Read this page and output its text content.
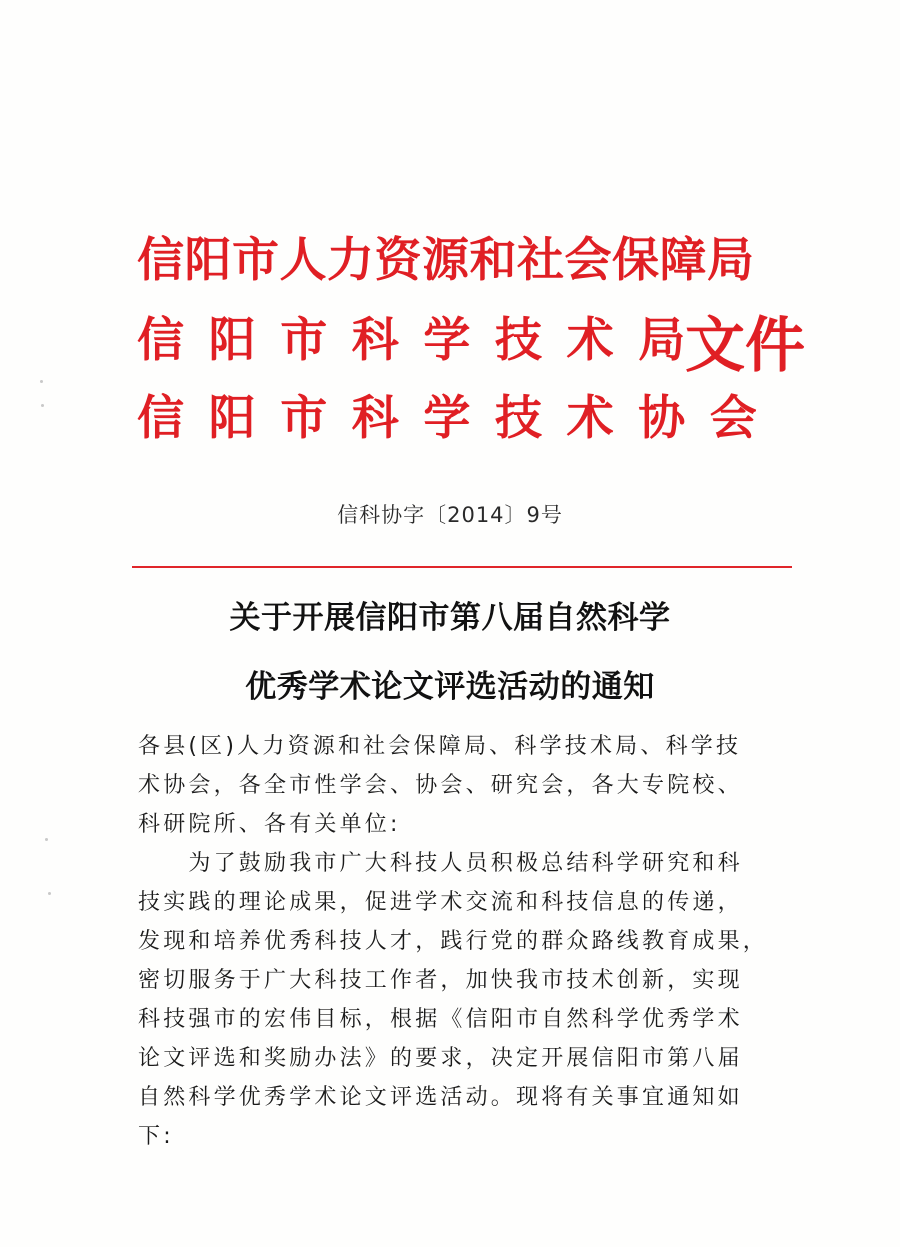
信阳市人力资源和社会保障局
信阳市科学技术局
信阳市科学技术协会
文件
信科协字〔2014〕9号
关于开展信阳市第八届自然科学
优秀学术论文评选活动的通知
各县(区)人力资源和社会保障局、科学技术局、科学技
术协会，各全市性学会、协会、研究会，各大专院校、
科研院所、各有关单位:
　　为了鼓励我市广大科技人员积极总结科学研究和科
技实践的理论成果，促进学术交流和科技信息的传递，
发现和培养优秀科技人才，践行党的群众路线教育成果，
密切服务于广大科技工作者，加快我市技术创新，实现
科技强市的宏伟目标，根据《信阳市自然科学优秀学术
论文评选和奖励办法》的要求，决定开展信阳市第八届
自然科学优秀学术论文评选活动。现将有关事宜通知如
下:
